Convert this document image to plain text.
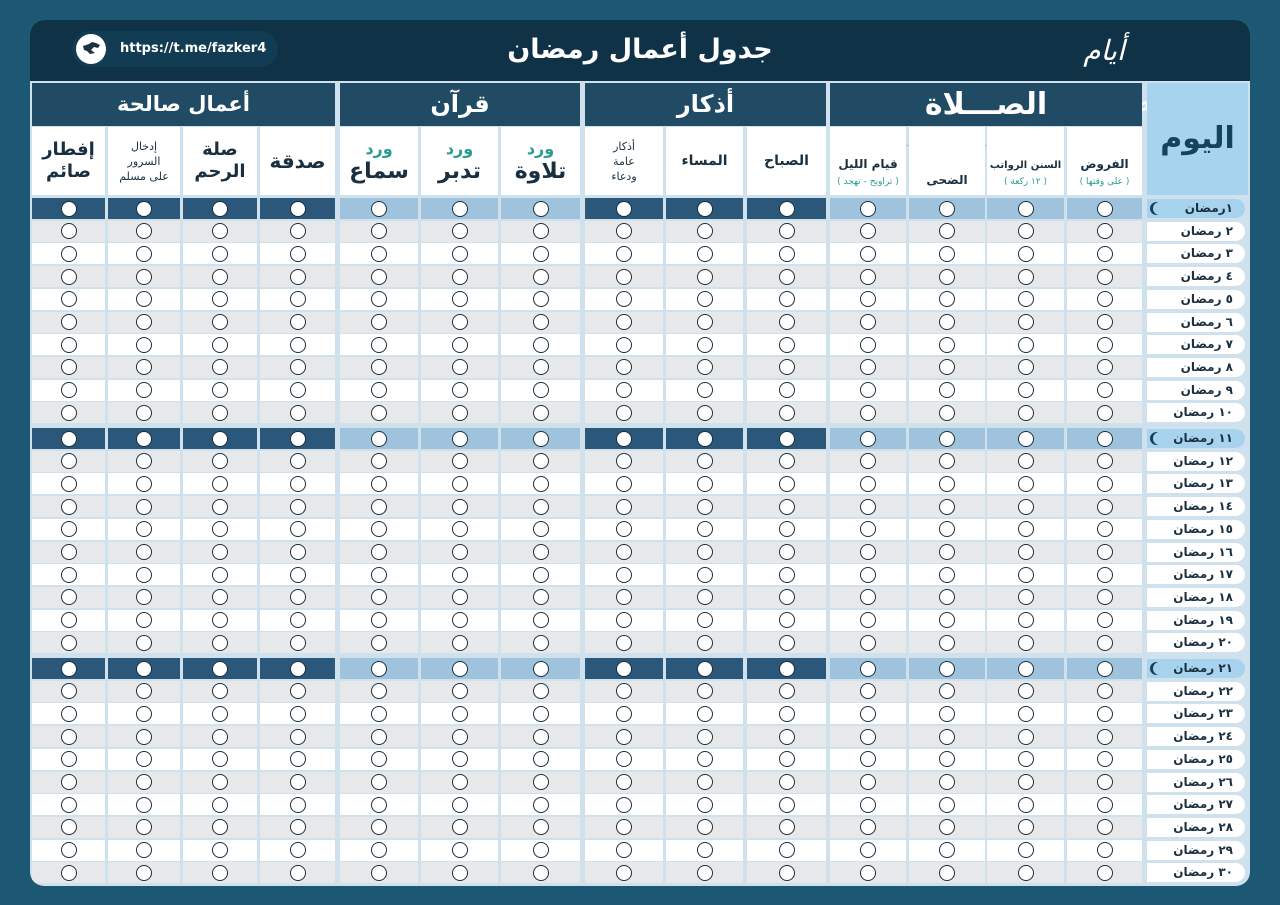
أيام
جدول أعمال رمضان
https://t.me/fazker4
اليوم
الصـــلاة
أذكار
قرآن
أعمال صالحة
الفروض
( على وقتها )
السنن الرواتب
( ١٢ ركعة )
الضحى
قيام الليل
( تراويح - تهجد )
الصباح
المساء
أذكار
عامة
ودعاء
ورد
تلاوة
ورد
تدبر
ورد
سماع
صدقة
صلة
الرحم
إدخال
السرور
على مسلم
إفطار
صائم
١رمضان
٢ رمضان
٣ رمضان
٤ رمضان
٥ رمضان
٦ رمضان
٧ رمضان
٨ رمضان
٩ رمضان
١٠ رمضان
١١ رمضان
١٢ رمضان
١٣ رمضان
١٤ رمضان
١٥ رمضان
١٦ رمضان
١٧ رمضان
١٨ رمضان
١٩ رمضان
٢٠ رمضان
٢١ رمضان
٢٢ رمضان
٢٣ رمضان
٢٤ رمضان
٢٥ رمضان
٢٦ رمضان
٢٧ رمضان
٢٨ رمضان
٢٩ رمضان
٣٠ رمضان
